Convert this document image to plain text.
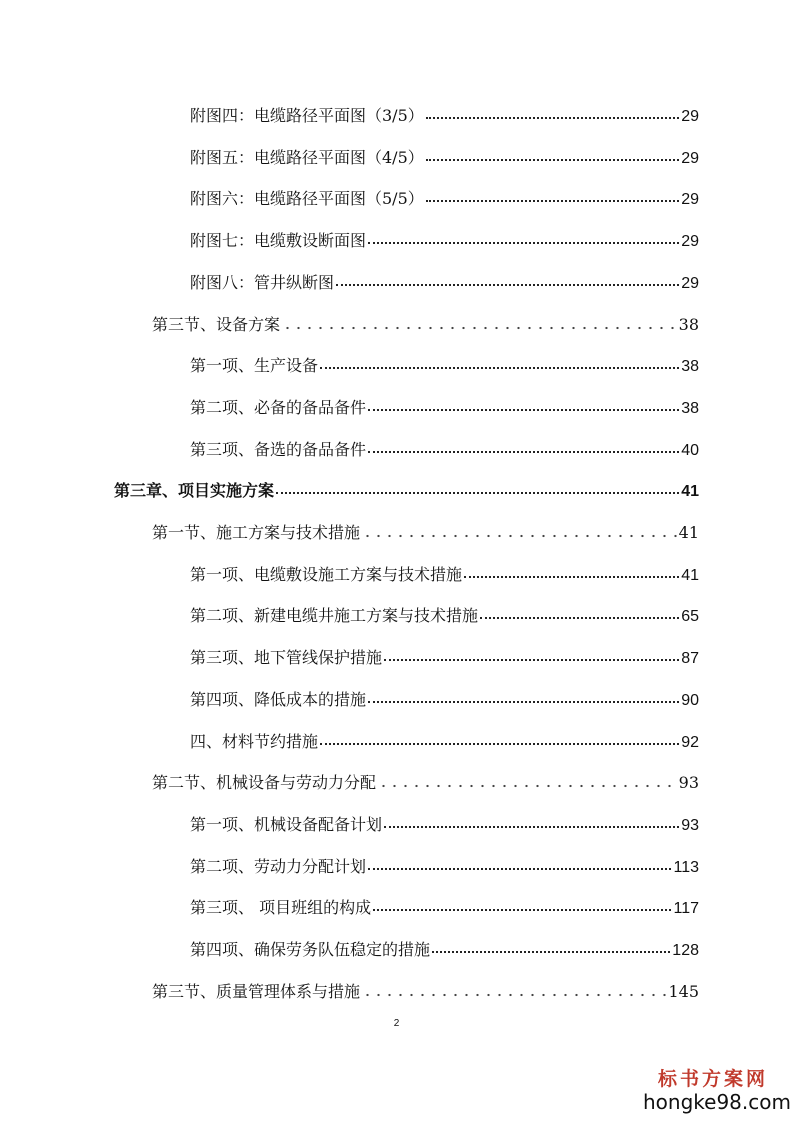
附图四：电缆路径平面图（3/5）	29
附图五：电缆路径平面图（4/5）	29
附图六：电缆路径平面图（5/5）	29
附图七：电缆敷设断面图	29
附图八：管井纵断图	29
第三节、设备方案	38
第一项、生产设备	38
第二项、必备的备品备件	38
第三项、备选的备品备件	40
第三章、项目实施方案	41
第一节、施工方案与技术措施	41
第一项、电缆敷设施工方案与技术措施	41
第二项、新建电缆井施工方案与技术措施	65
第三项、地下管线保护措施	87
第四项、降低成本的措施	90
四、材料节约措施	92
第二节、机械设备与劳动力分配	93
第一项、机械设备配备计划	93
第二项、劳动力分配计划	113
第三项、 项目班组的构成	117
第四项、确保劳务队伍稳定的措施	128
第三节、质量管理体系与措施	145
2
标书方案网
hongke98.com
